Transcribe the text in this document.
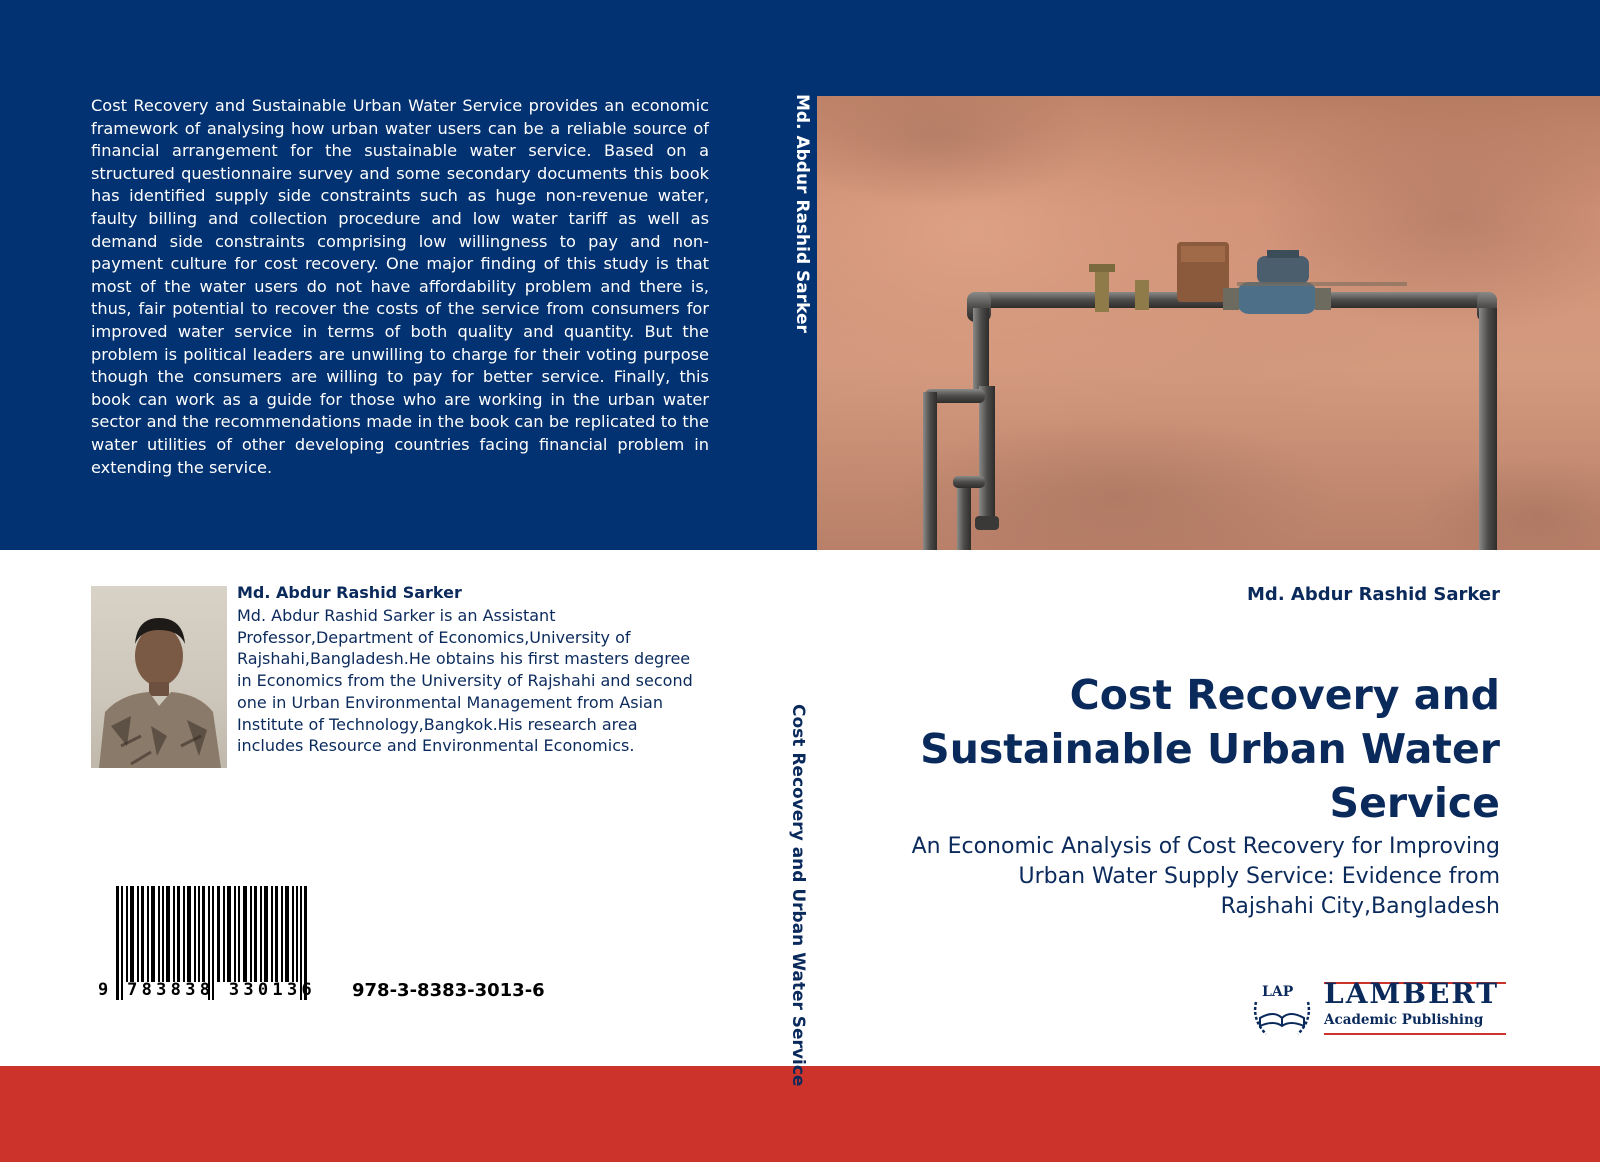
Cost Recovery and Sustainable Urban Water Service provides an economic framework of analysing how urban water users can be a reliable source of financial arrangement for the sustainable water service. Based on a structured questionnaire survey and some secondary documents this book has identified supply side constraints such as huge non-revenue water, faulty billing and collection procedure and low water tariff as well as demand side constraints comprising low willingness to pay and non-payment culture for cost recovery. One major finding of this study is that most of the water users do not have affordability problem and there is, thus, fair potential to recover the costs of the service from consumers for improved water service in terms of both quality and quantity. But the problem is political leaders are unwilling to charge for their voting purpose though the consumers are willing to pay for better service. Finally, this book can work as a guide for those who are working in the urban water sector and the recommendations made in the book can be replicated to the water utilities of other developing countries facing financial problem in extending the service.
Md. Abdur Rashid Sarker
Cost Recovery and Urban Water Service
Md. Abdur Rashid Sarker
Md. Abdur Rashid Sarker is an Assistant Professor,Department of Economics,University of Rajshahi,Bangladesh.He obtains his first masters degree in Economics from the University of Rajshahi and second one in Urban Environmental Management from Asian Institute of Technology,Bangkok.His research area includes Resource and Environmental Economics.
9 783838 330136 978-3-8383-3013-6
Md. Abdur Rashid Sarker
Cost Recovery and
Sustainable Urban Water
Service
An Economic Analysis of Cost Recovery for Improving
Urban Water Supply Service: Evidence from
Rajshahi City,Bangladesh
LAP LAMBERT
Academic Publishing
